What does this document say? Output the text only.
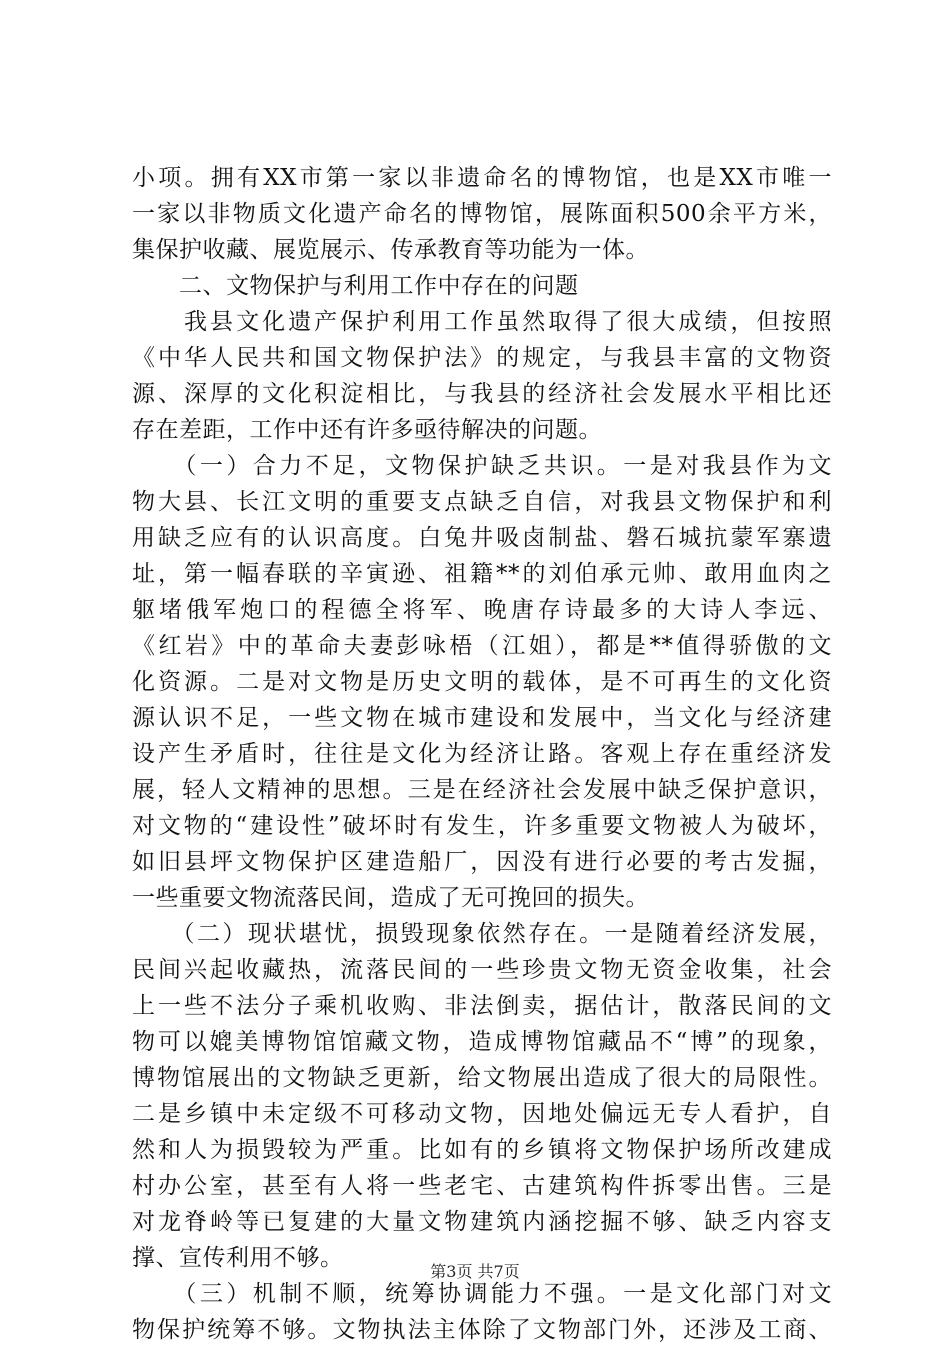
小项。拥有XX市第一家以非遗命名的博物馆，也是XX市唯一
一家以非物质文化遗产命名的博物馆，展陈面积500余平方米，
集保护收藏、展览展示、传承教育等功能为一体。
　　二、文物保护与利用工作中存在的问题
　　我县文化遗产保护利用工作虽然取得了很大成绩，但按照
《中华人民共和国文物保护法》的规定，与我县丰富的文物资
源、深厚的文化积淀相比，与我县的经济社会发展水平相比还
存在差距，工作中还有许多亟待解决的问题。
　　（一）合力不足，文物保护缺乏共识。一是对我县作为文
物大县、长江文明的重要支点缺乏自信，对我县文物保护和利
用缺乏应有的认识高度。白兔井吸卤制盐、磐石城抗蒙军寨遗
址，第一幅春联的辛寅逊、祖籍**的刘伯承元帅、敢用血肉之
躯堵俄军炮口的程德全将军、晚唐存诗最多的大诗人李远、
《红岩》中的革命夫妻彭咏梧（江姐），都是**值得骄傲的文
化资源。二是对文物是历史文明的载体，是不可再生的文化资
源认识不足，一些文物在城市建设和发展中，当文化与经济建
设产生矛盾时，往往是文化为经济让路。客观上存在重经济发
展，轻人文精神的思想。三是在经济社会发展中缺乏保护意识，
对文物的“建设性”破坏时有发生，许多重要文物被人为破坏，
如旧县坪文物保护区建造船厂，因没有进行必要的考古发掘，
一些重要文物流落民间，造成了无可挽回的损失。
　　（二）现状堪忧，损毁现象依然存在。一是随着经济发展，
民间兴起收藏热，流落民间的一些珍贵文物无资金收集，社会
上一些不法分子乘机收购、非法倒卖，据估计，散落民间的文
物可以媲美博物馆馆藏文物，造成博物馆藏品不“博”的现象，
博物馆展出的文物缺乏更新，给文物展出造成了很大的局限性。
二是乡镇中未定级不可移动文物，因地处偏远无专人看护，自
然和人为损毁较为严重。比如有的乡镇将文物保护场所改建成
村办公室，甚至有人将一些老宅、古建筑构件拆零出售。三是
对龙脊岭等已复建的大量文物建筑内涵挖掘不够、缺乏内容支
撑、宣传利用不够。
　　（三）机制不顺，统筹协调能力不强。一是文化部门对文
物保护统筹不够。文物执法主体除了文物部门外，还涉及工商、
第3页 共7页
